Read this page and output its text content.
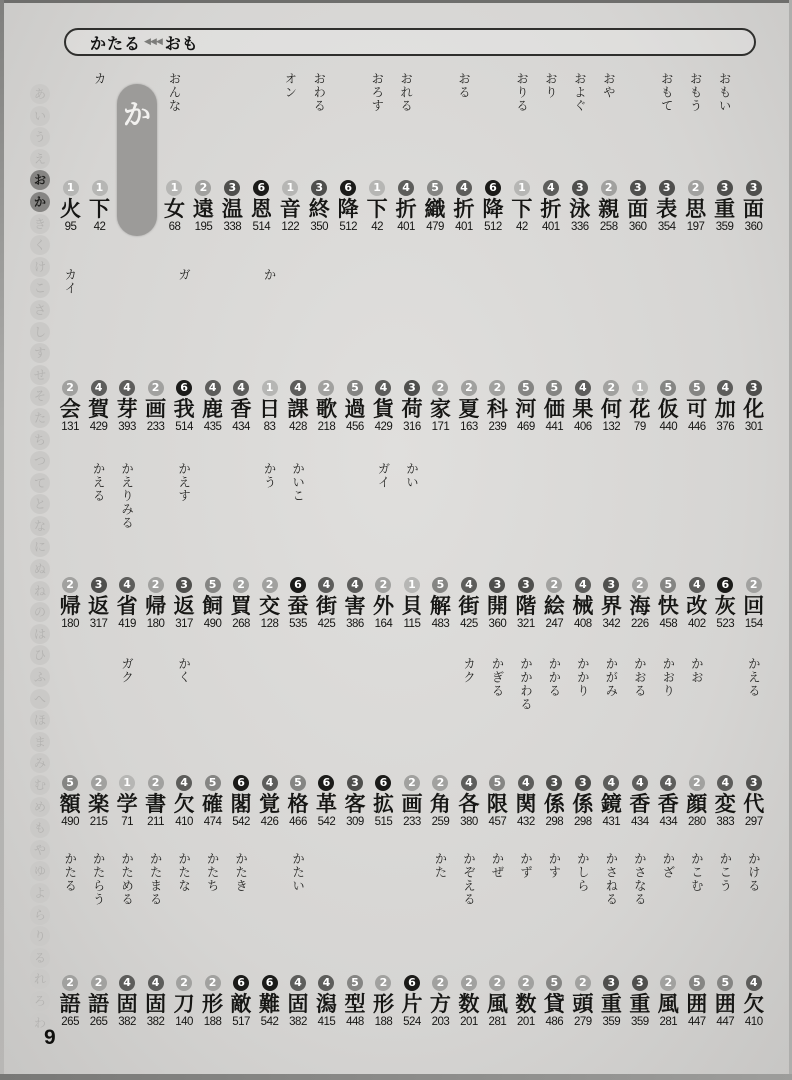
かたる ◀◀◀ おも
あ
い
う
え
お
か
き
く
け
こ
さ
し
す
せ
そ
た
ち
つ
て
と
な
に
ぬ
ね
の
は
ひ
ふ
へ
ほ
ま
み
む
め
も
や
ゆ
よ
ら
り
る
れ
ろ
わ
3
面
360
おもい
3
重
359
おもう
2
思
197
おもて
3
表
354
3
面
360
おや
2
親
258
およぐ
3
泳
336
おり
4
折
401
おりる
1
下
42
6
降
512
おる
4
折
401
5
織
479
おれる
4
折
401
おろす
1
下
42
6
降
512
おわる
3
終
350
オン
1
音
122
6
恩
514
3
温
338
2
遠
195
おんな
1
女
68
か
カ
1
下
42
1
火
95
3
化
301
4
加
376
5
可
446
5
仮
440
1
花
79
2
何
132
4
果
406
5
価
441
5
河
469
2
科
239
2
夏
163
2
家
171
3
荷
316
4
貨
429
5
過
456
2
歌
218
4
課
428
か
1
日
83
4
香
434
4
鹿
435
ガ
6
我
514
2
画
233
4
芽
393
4
賀
429
カイ
2
会
131
2
回
154
6
灰
523
4
改
402
5
快
458
2
海
226
3
界
342
4
械
408
2
絵
247
3
階
321
3
開
360
4
街
425
5
解
483
かい
1
貝
115
ガイ
2
外
164
4
害
386
4
街
425
かいこ
6
蚕
535
かう
2
交
128
2
買
268
5
飼
490
かえす
3
返
317
2
帰
180
かえりみる
4
省
419
かえる
3
返
317
2
帰
180
かえる
3
代
297
4
変
383
かお
2
顔
280
かおり
4
香
434
かおる
4
香
434
かがみ
4
鏡
431
かかり
3
係
298
かかる
3
係
298
かかわる
4
関
432
かぎる
5
限
457
カク
4
各
380
2
角
259
2
画
233
6
拡
515
3
客
309
6
革
542
5
格
466
4
覚
426
6
閣
542
5
確
474
かく
4
欠
410
2
書
211
ガク
1
学
71
2
楽
215
5
額
490
かける
4
欠
410
かこう
5
囲
447
かこむ
5
囲
447
かざ
2
風
281
かさなる
3
重
359
かさねる
3
重
359
かしら
2
頭
279
かす
5
貸
486
かず
2
数
201
かぜ
2
風
281
かぞえる
2
数
201
かた
2
方
203
6
片
524
2
形
188
5
型
448
4
潟
415
かたい
4
固
382
6
難
542
かたき
6
敵
517
かたち
2
形
188
かたな
2
刀
140
かたまる
4
固
382
かためる
4
固
382
かたらう
2
語
265
かたる
2
語
265
9
